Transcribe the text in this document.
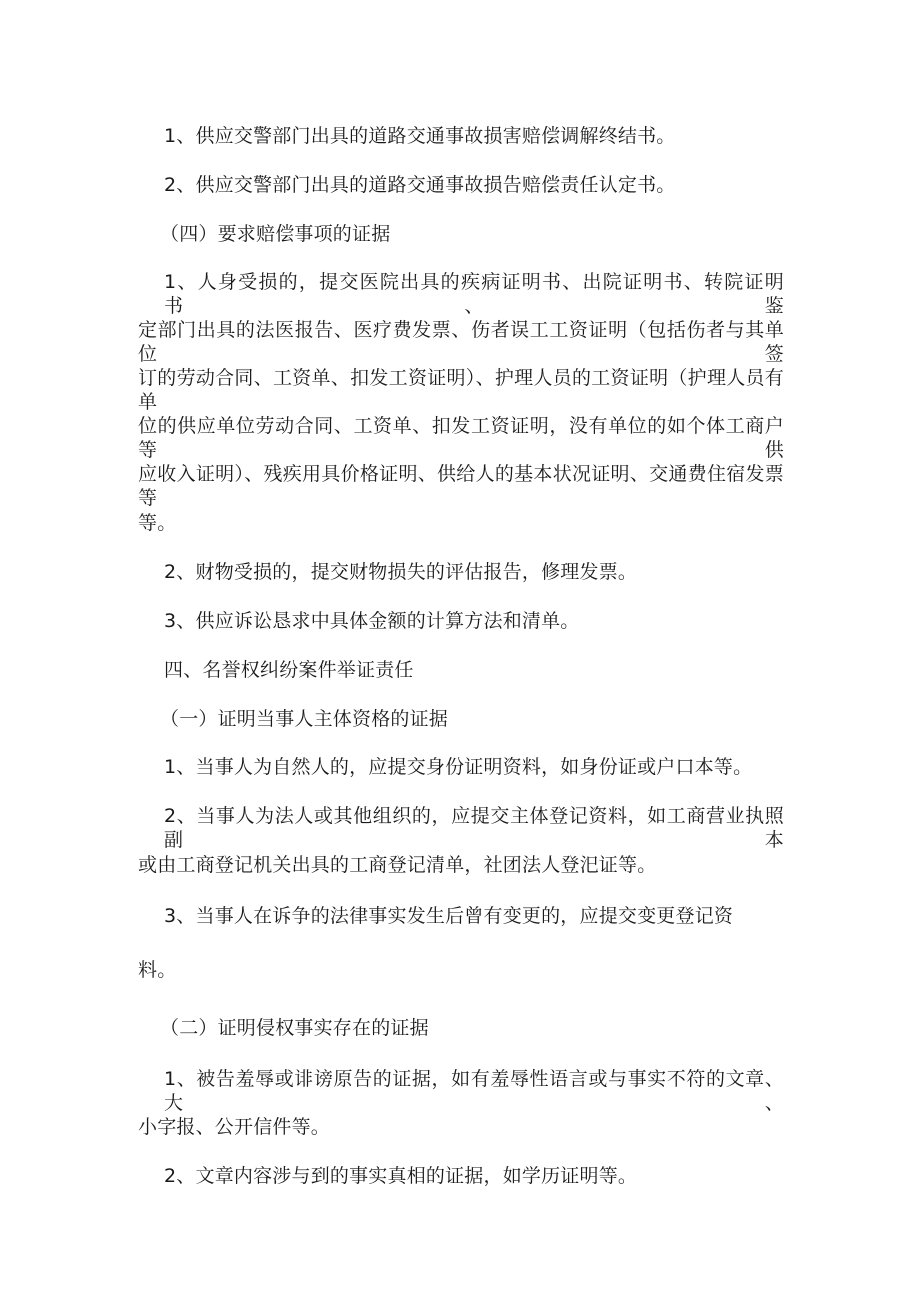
1、供应交警部门出具的道路交通事故损害赔偿调解终结书。
2、供应交警部门出具的道路交通事故损告赔偿责任认定书。
（四）要求赔偿事项的证据
1、人身受损的，提交医院出具的疾病证明书、出院证明书、转院证明书、鉴
定部门出具的法医报告、医疗费发票、伤者误工工资证明（包括伤者与其单位签
订的劳动合同、工资单、扣发工资证明）、护理人员的工资证明（护理人员有单
位的供应单位劳动合同、工资单、扣发工资证明，没有单位的如个体工商户等供
应收入证明）、残疾用具价格证明、供给人的基本状况证明、交通费住宿发票等
等。
2、财物受损的，提交财物损失的评估报告，修理发票。
3、供应诉讼恳求中具体金额的计算方法和清单。
四、名誉权纠纷案件举证责任
（一）证明当事人主体资格的证据
1、当事人为自然人的，应提交身份证明资料，如身份证或户口本等。
2、当事人为法人或其他组织的，应提交主体登记资料，如工商营业执照副本
或由工商登记机关出具的工商登记清单，社团法人登汜证等。
3、当事人在诉争的法律事实发生后曾有变更的，应提交变更登记资
料。
（二）证明侵权事实存在的证据
1、被告羞辱或诽谤原告的证据，如有羞辱性语言或与事实不符的文章、大、
小字报、公开信件等。
2、文章内容涉与到的事实真相的证据，如学历证明等。
